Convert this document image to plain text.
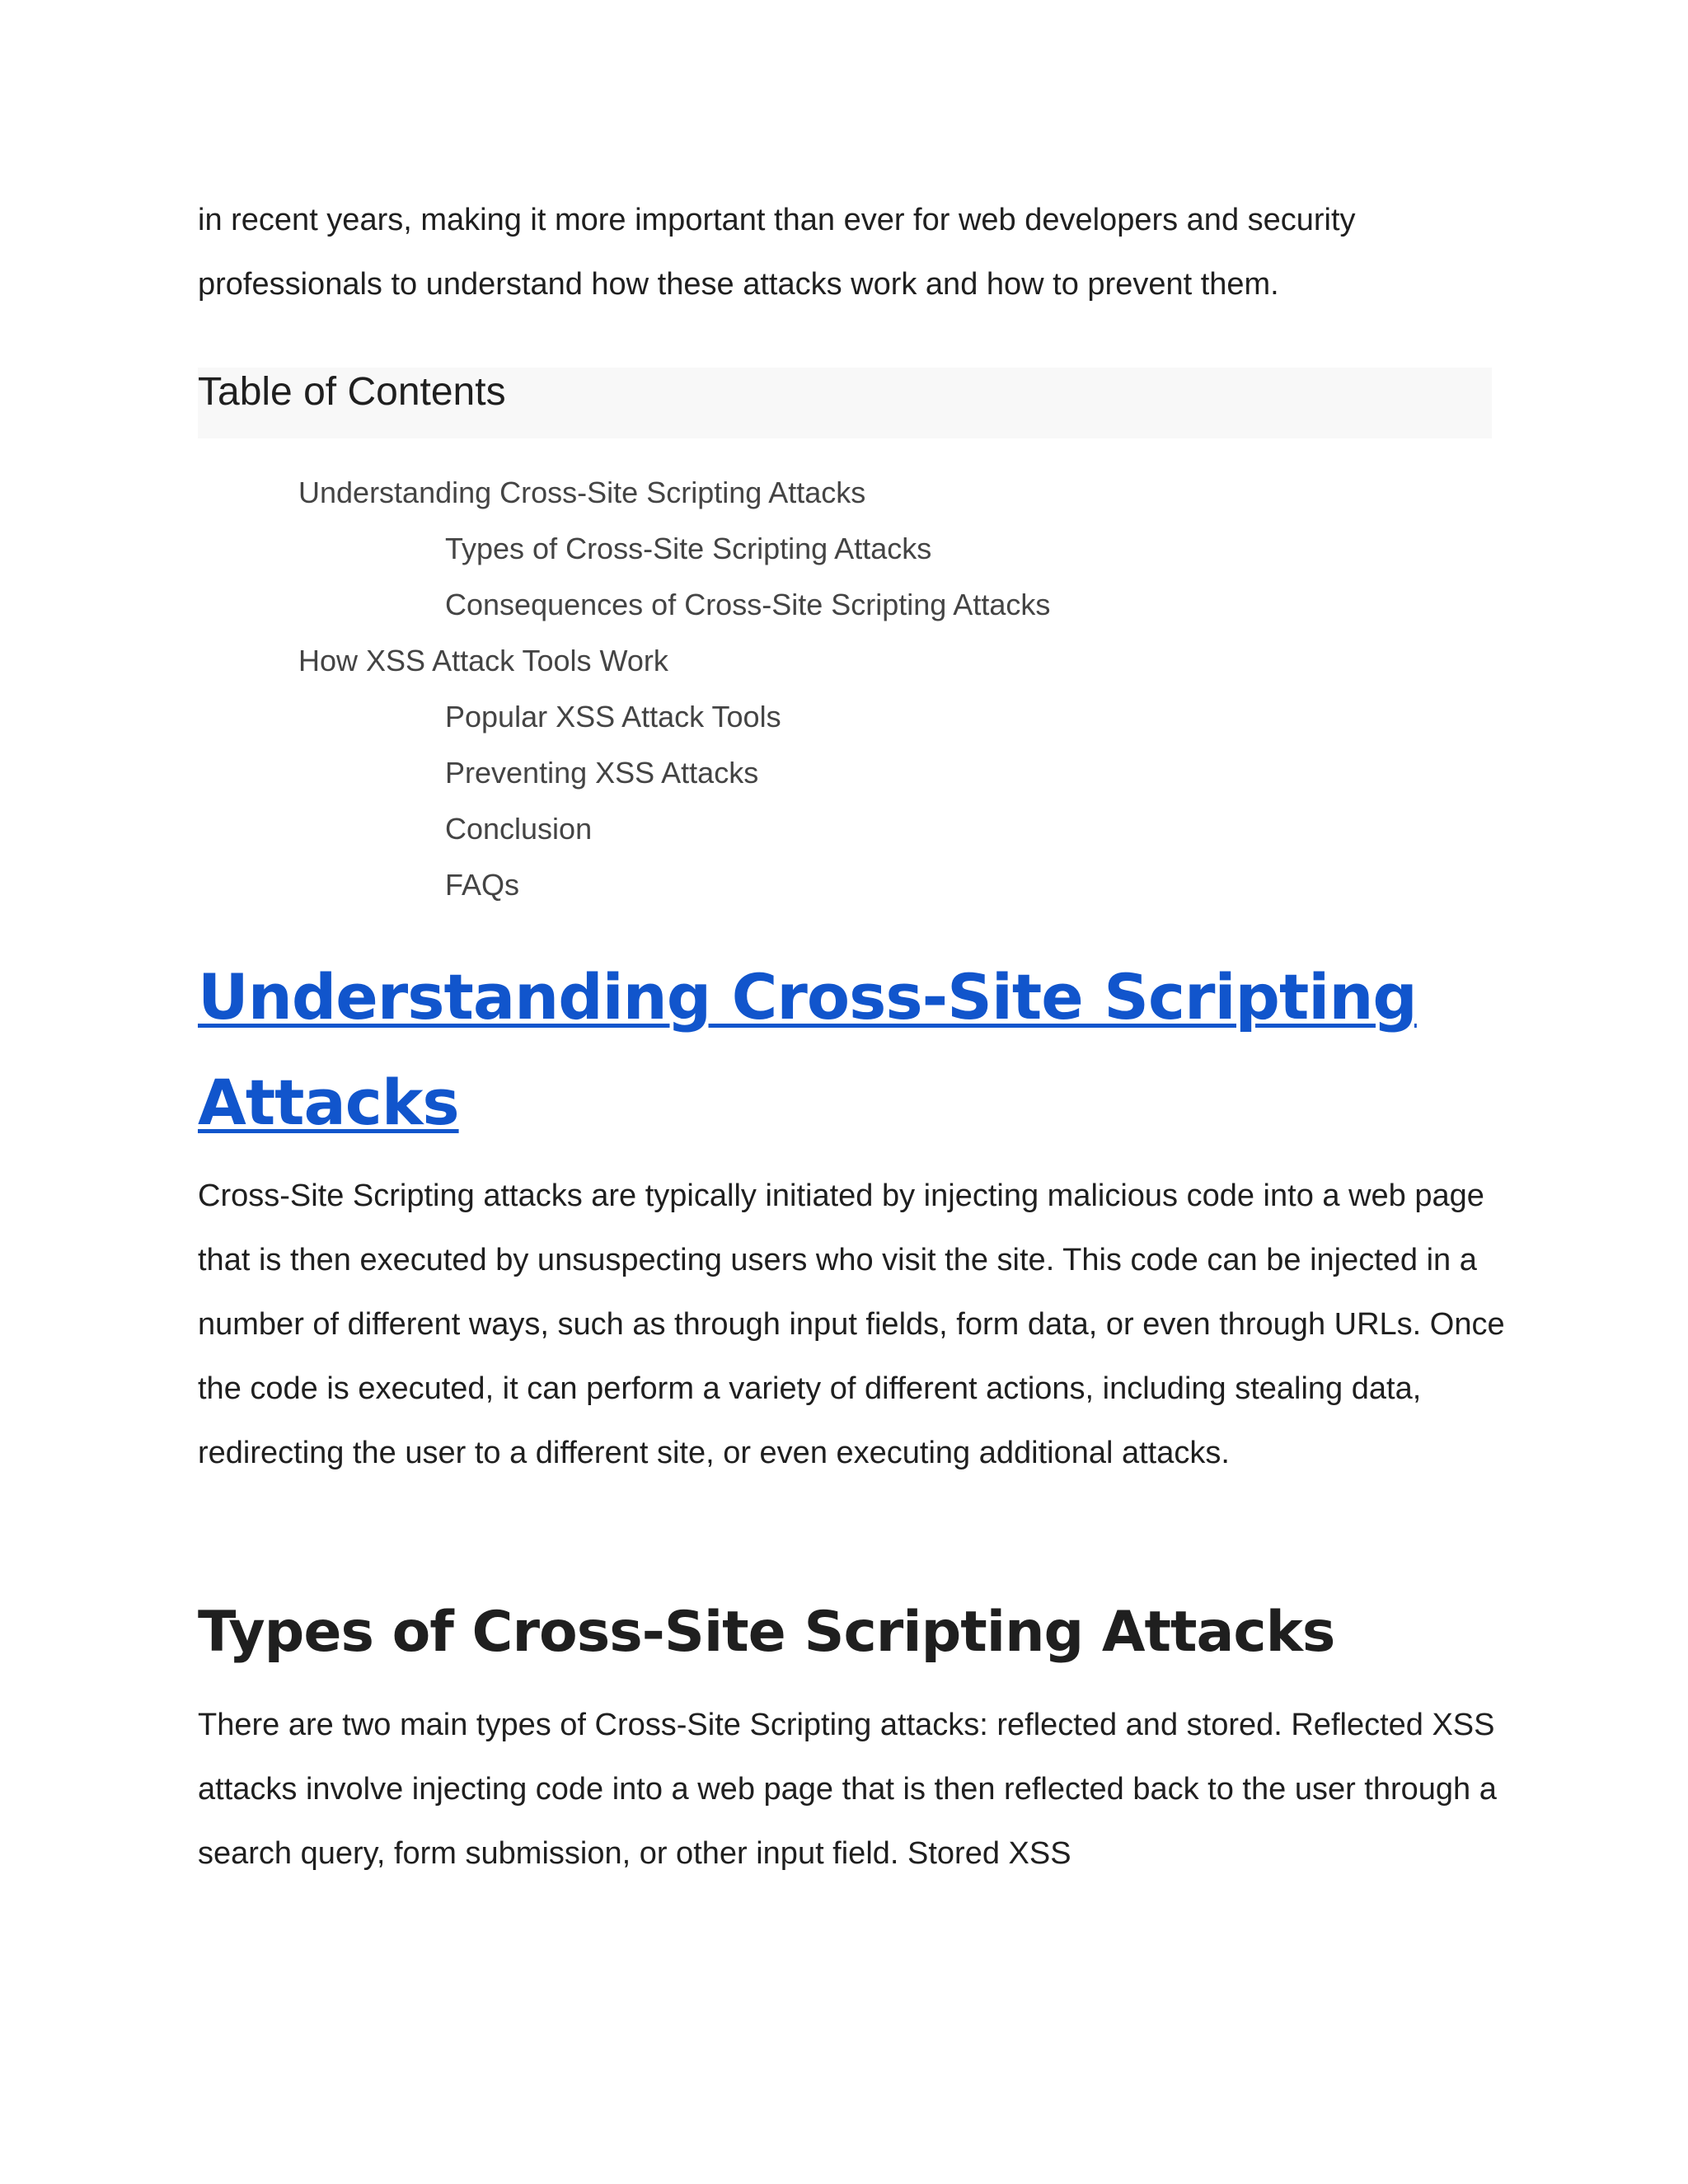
in recent years, making it more important than ever for web developers and security professionals to understand how these attacks work and how to prevent them.

Table of Contents
Understanding Cross-Site Scripting Attacks
Types of Cross-Site Scripting Attacks
Consequences of Cross-Site Scripting Attacks
How XSS Attack Tools Work
Popular XSS Attack Tools
Preventing XSS Attacks
Conclusion
FAQs
Understanding Cross-Site Scripting Attacks

Cross-Site Scripting attacks are typically initiated by injecting malicious code into a web page that is then executed by unsuspecting users who visit the site. This code can be injected in a number of different ways, such as through input fields, form data, or even through URLs. Once the code is executed, it can perform a variety of different actions, including stealing data, redirecting the user to a different site, or even executing additional attacks.

Types of Cross-Site Scripting Attacks

There are two main types of Cross-Site Scripting attacks: reflected and stored. Reflected XSS attacks involve injecting code into a web page that is then reflected back to the user through a search query, form submission, or other input field. Stored XSS
